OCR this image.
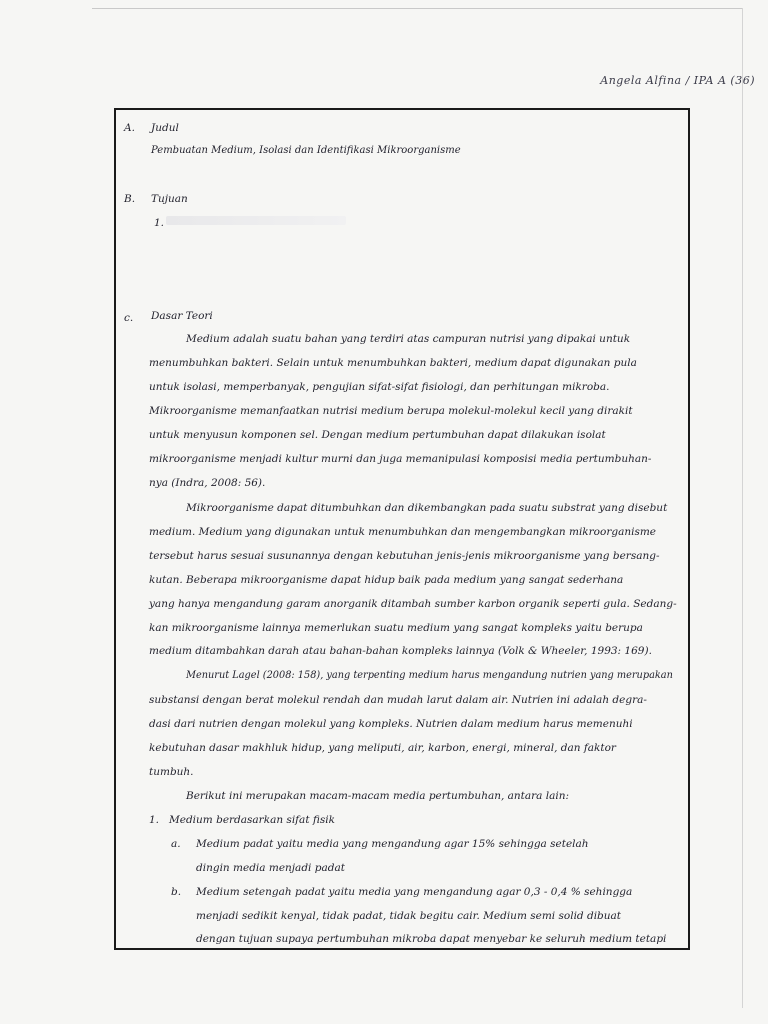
Angela Alfina / IPA A (36)
A. Judul
Pembuatan Medium, Isolasi dan Identifikasi Mikroorganisme
B. Tujuan
1.
c. Dasar Teori
Medium adalah suatu bahan yang terdiri atas campuran nutrisi yang dipakai untuk
menumbuhkan bakteri. Selain untuk menumbuhkan bakteri, medium dapat digunakan pula
untuk isolasi, memperbanyak, pengujian sifat-sifat fisiologi, dan perhitungan mikroba.
Mikroorganisme memanfaatkan nutrisi medium berupa molekul-molekul kecil yang dirakit
untuk menyusun komponen sel. Dengan medium pertumbuhan dapat dilakukan isolat
mikroorganisme menjadi kultur murni dan juga memanipulasi komposisi media pertumbuhan-
nya (Indra, 2008: 56).
Mikroorganisme dapat ditumbuhkan dan dikembangkan pada suatu substrat yang disebut
medium. Medium yang digunakan untuk menumbuhkan dan mengembangkan mikroorganisme
tersebut harus sesuai susunannya dengan kebutuhan jenis-jenis mikroorganisme yang bersang-
kutan. Beberapa mikroorganisme dapat hidup baik pada medium yang sangat sederhana
yang hanya mengandung garam anorganik ditambah sumber karbon organik seperti gula. Sedang-
kan mikroorganisme lainnya memerlukan suatu medium yang sangat kompleks yaitu berupa
medium ditambahkan darah atau bahan-bahan kompleks lainnya (Volk & Wheeler, 1993: 169).
Menurut Lagel (2008: 158), yang terpenting medium harus mengandung nutrien yang merupakan
substansi dengan berat molekul rendah dan mudah larut dalam air. Nutrien ini adalah degra-
dasi dari nutrien dengan molekul yang kompleks. Nutrien dalam medium harus memenuhi
kebutuhan dasar makhluk hidup, yang meliputi, air, karbon, energi, mineral, dan faktor
tumbuh.
Berikut ini merupakan macam-macam media pertumbuhan, antara lain:
1. Medium berdasarkan sifat fisik
a. Medium padat yaitu media yang mengandung agar 15% sehingga setelah
dingin media menjadi padat
b. Medium setengah padat yaitu media yang mengandung agar 0,3 - 0,4 % sehingga
menjadi sedikit kenyal, tidak padat, tidak begitu cair. Medium semi solid dibuat
dengan tujuan supaya pertumbuhan mikroba dapat menyebar ke seluruh medium tetapi
